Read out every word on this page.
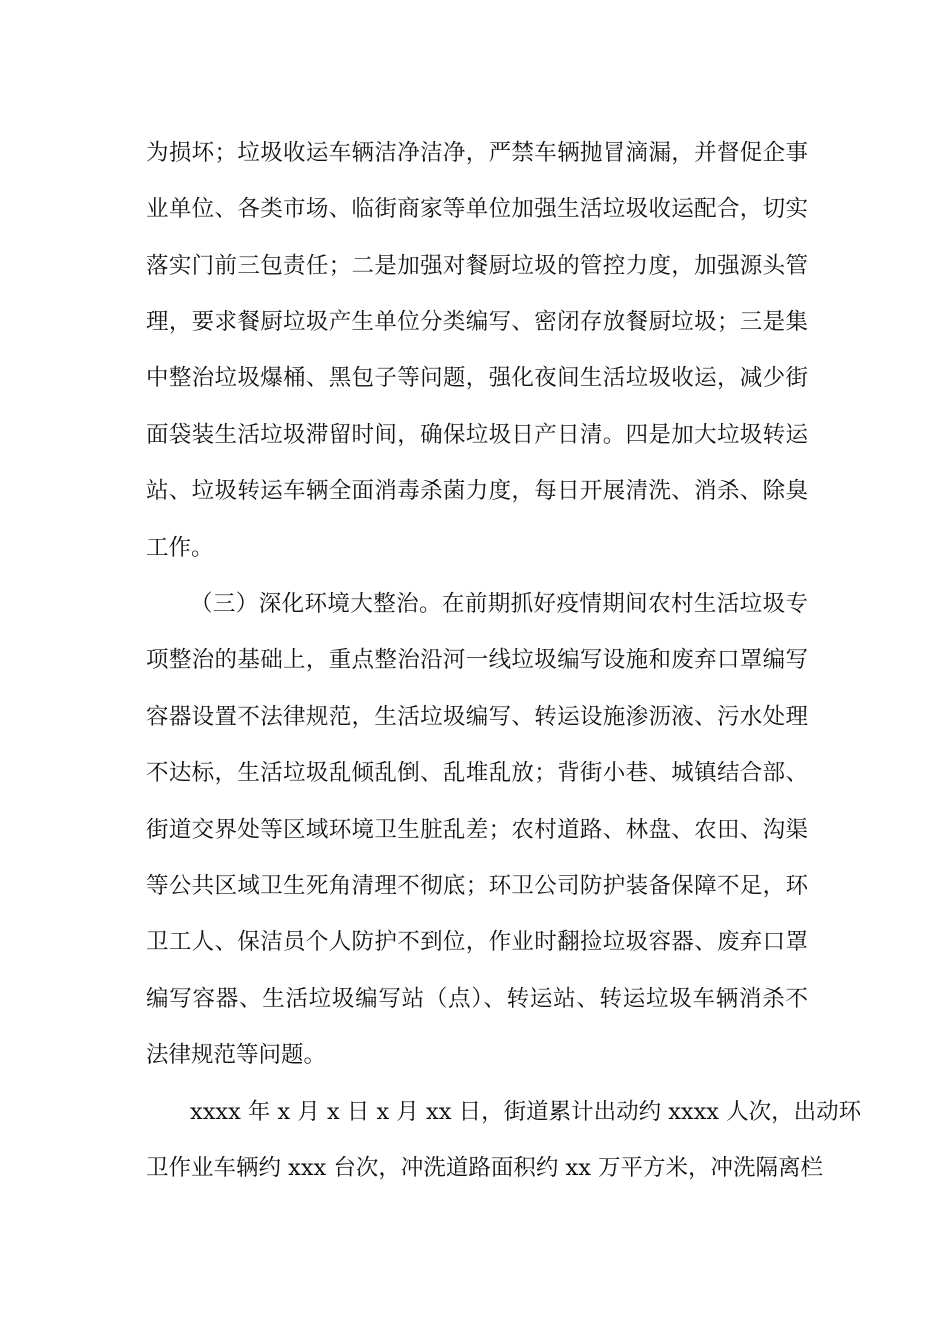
为损坏；垃圾收运车辆洁净洁净，严禁车辆抛冒滴漏，并督促企事
业单位、各类市场、临街商家等单位加强生活垃圾收运配合，切实
落实门前三包责任；二是加强对餐厨垃圾的管控力度，加强源头管
理，要求餐厨垃圾产生单位分类编写、密闭存放餐厨垃圾；三是集
中整治垃圾爆桶、黑包子等问题，强化夜间生活垃圾收运，减少街
面袋装生活垃圾滞留时间，确保垃圾日产日清。四是加大垃圾转运
站、垃圾转运车辆全面消毒杀菌力度，每日开展清洗、消杀、除臭
工作。
（三）深化环境大整治。在前期抓好疫情期间农村生活垃圾专
项整治的基础上，重点整治沿河一线垃圾编写设施和废弃口罩编写
容器设置不法律规范，生活垃圾编写、转运设施渗沥液、污水处理
不达标，生活垃圾乱倾乱倒、乱堆乱放；背街小巷、城镇结合部、
街道交界处等区域环境卫生脏乱差；农村道路、林盘、农田、沟渠
等公共区域卫生死角清理不彻底；环卫公司防护装备保障不足，环
卫工人、保洁员个人防护不到位，作业时翻捡垃圾容器、废弃口罩
编写容器、生活垃圾编写站（点）、转运站、转运垃圾车辆消杀不
法律规范等问题。
xxxx 年 x 月 x 日 x 月 xx 日，街道累计出动约 xxxx 人次，出动环
卫作业车辆约 xxx 台次，冲洗道路面积约 xx 万平方米，冲洗隔离栏
